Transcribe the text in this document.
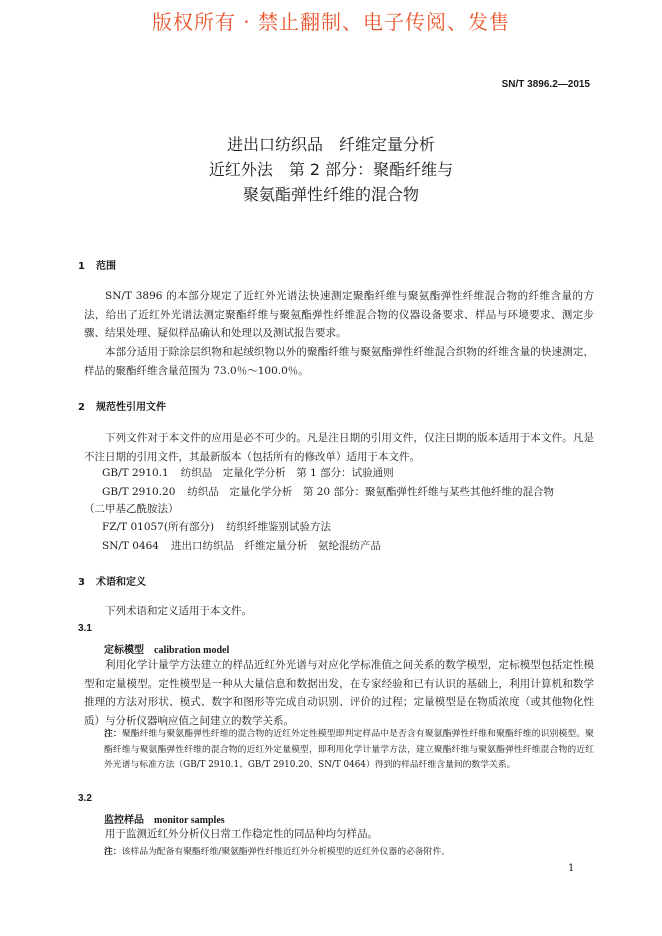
版权所有 · 禁止翻制、电子传阅、发售
SN/T 3896.2—2015
进出口纺织品　纤维定量分析
近红外法　第 2 部分：聚酯纤维与
聚氨酯弹性纤维的混合物
1 范围
SN/T 3896 的本部分规定了近红外光谱法快速测定聚酯纤维与聚氨酯弹性纤维混合物的纤维含量的方法，给出了近红外光谱法测定聚酯纤维与聚氨酯弹性纤维混合物的仪器设备要求、样品与环境要求、测定步骤、结果处理、疑似样品确认和处理以及测试报告要求。
本部分适用于除涂层织物和起绒织物以外的聚酯纤维与聚氨酯弹性纤维混合织物的纤维含量的快速测定，样品的聚酯纤维含量范围为 73.0％～100.0％。
2 规范性引用文件
下列文件对于本文件的应用是必不可少的。凡是注日期的引用文件，仅注日期的版本适用于本文件。凡是不注日期的引用文件，其最新版本（包括所有的修改单）适用于本文件。
GB/T 2910.1 纺织品　定量化学分析　第 1 部分：试验通则
GB/T 2910.20 纺织品　定量化学分析　第 20 部分：聚氨酯弹性纤维与某些其他纤维的混合物
（二甲基乙酰胺法）
FZ/T 01057(所有部分) 纺织纤维鉴别试验方法
SN/T 0464 进出口纺织品　纤维定量分析　氨纶混纺产品
3 术语和定义
下列术语和定义适用于本文件。
3.1
定标模型 calibration model
利用化学计量学方法建立的样品近红外光谱与对应化学标准值之间关系的数学模型，定标模型包括定性模型和定量模型。定性模型是一种从大量信息和数据出发，在专家经验和已有认识的基础上，利用计算机和数学推理的方法对形状、模式、数字和图形等完成自动识别、评价的过程；定量模型是在物质浓度（或其他物化性质）与分析仪器响应值之间建立的数学关系。
注：聚酯纤维与聚氨酯弹性纤维的混合物的近红外定性模型即判定样品中是否含有聚氨酯弹性纤维和聚酯纤维的识别模型。聚酯纤维与聚氨酯弹性纤维的混合物的近红外定量模型，即利用化学计量学方法，建立聚酯纤维与聚氨酯弹性纤维混合物的近红外光谱与标准方法（GB/T 2910.1、GB/T 2910.20、SN/T 0464）得到的样品纤维含量间的数学关系。
3.2
监控样品 monitor samples
用于监测近红外分析仪日常工作稳定性的同品种均匀样品。
注：该样品为配备有聚酯纤维/聚氨酯弹性纤维近红外分析模型的近红外仪器的必备附件。
1
